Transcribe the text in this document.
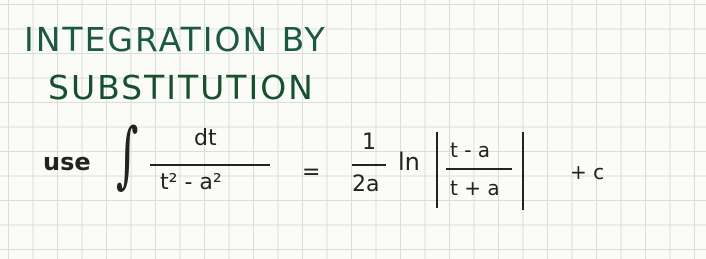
INTEGRATION BY
SUBSTITUTION
use ∫	dt
t² - a²	=
1
2a
ln t - a
t + a
+ c
